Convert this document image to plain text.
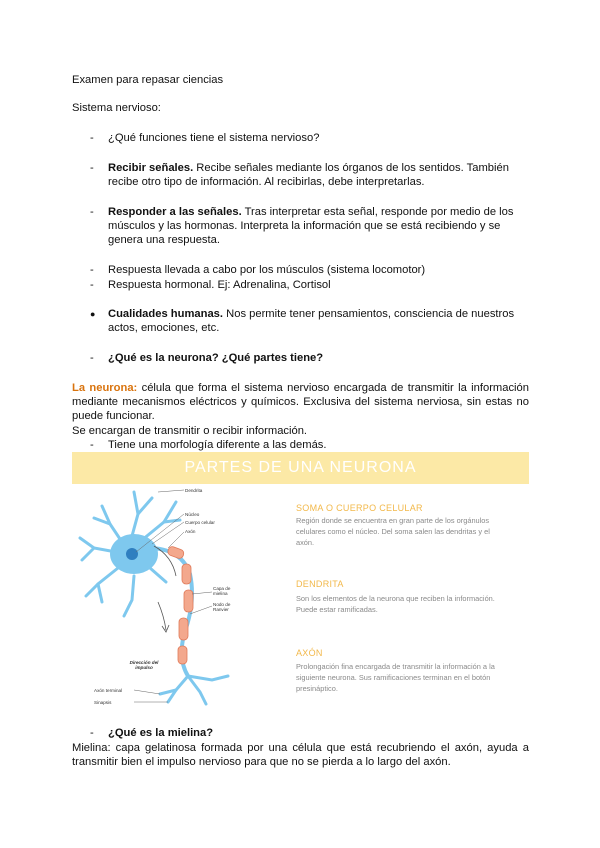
Examen para repasar ciencias
Sistema nervioso:
- ¿Qué funciones tiene el sistema nervioso?
- Recibir señales. Recibe señales mediante los órganos de los sentidos. También recibe otro tipo de información. Al recibirlas, debe interpretarlas.
- Responder a las señales. Tras interpretar esta señal, responde por medio de los músculos y las hormonas. Interpreta la información que se está recibiendo y se genera una respuesta.
- Respuesta llevada a cabo por los músculos (sistema locomotor)
- Respuesta hormonal. Ej: Adrenalina, Cortisol
● Cualidades humanas. Nos permite tener pensamientos, consciencia de nuestros actos, emociones, etc.
- ¿Qué es la neurona? ¿Qué partes tiene?
La neurona: célula que forma el sistema nervioso encargada de transmitir la información mediante mecanismos eléctricos y químicos. Exclusiva del sistema nerviosa, sin estas no puede funcionar.
Se encargan de transmitir o recibir información.
- Tiene una morfología diferente a las demás.
PARTES DE UNA NEURONA
Dendrita
Núcleo
Cuerpo celular
Axón
Capa de mielina
Nodo de Ranvier
Dirección del impulso
Axón terminal
Sinapsis
SOMA O CUERPO CELULAR
Región donde se encuentra en gran parte de los orgánulos celulares como el núcleo. Del soma salen las dendritas y el axón.
DENDRITA
Son los elementos de la neurona que reciben la información. Puede estar ramificadas.
AXÓN
Prolongación fina encargada de transmitir la información a la siguiente neurona. Sus ramificaciones terminan en el botón presináptico.
- ¿Qué es la mielina?
Mielina: capa gelatinosa formada por una célula que está recubriendo el axón, ayuda a transmitir bien el impulso nervioso para que no se pierda a lo largo del axón.
